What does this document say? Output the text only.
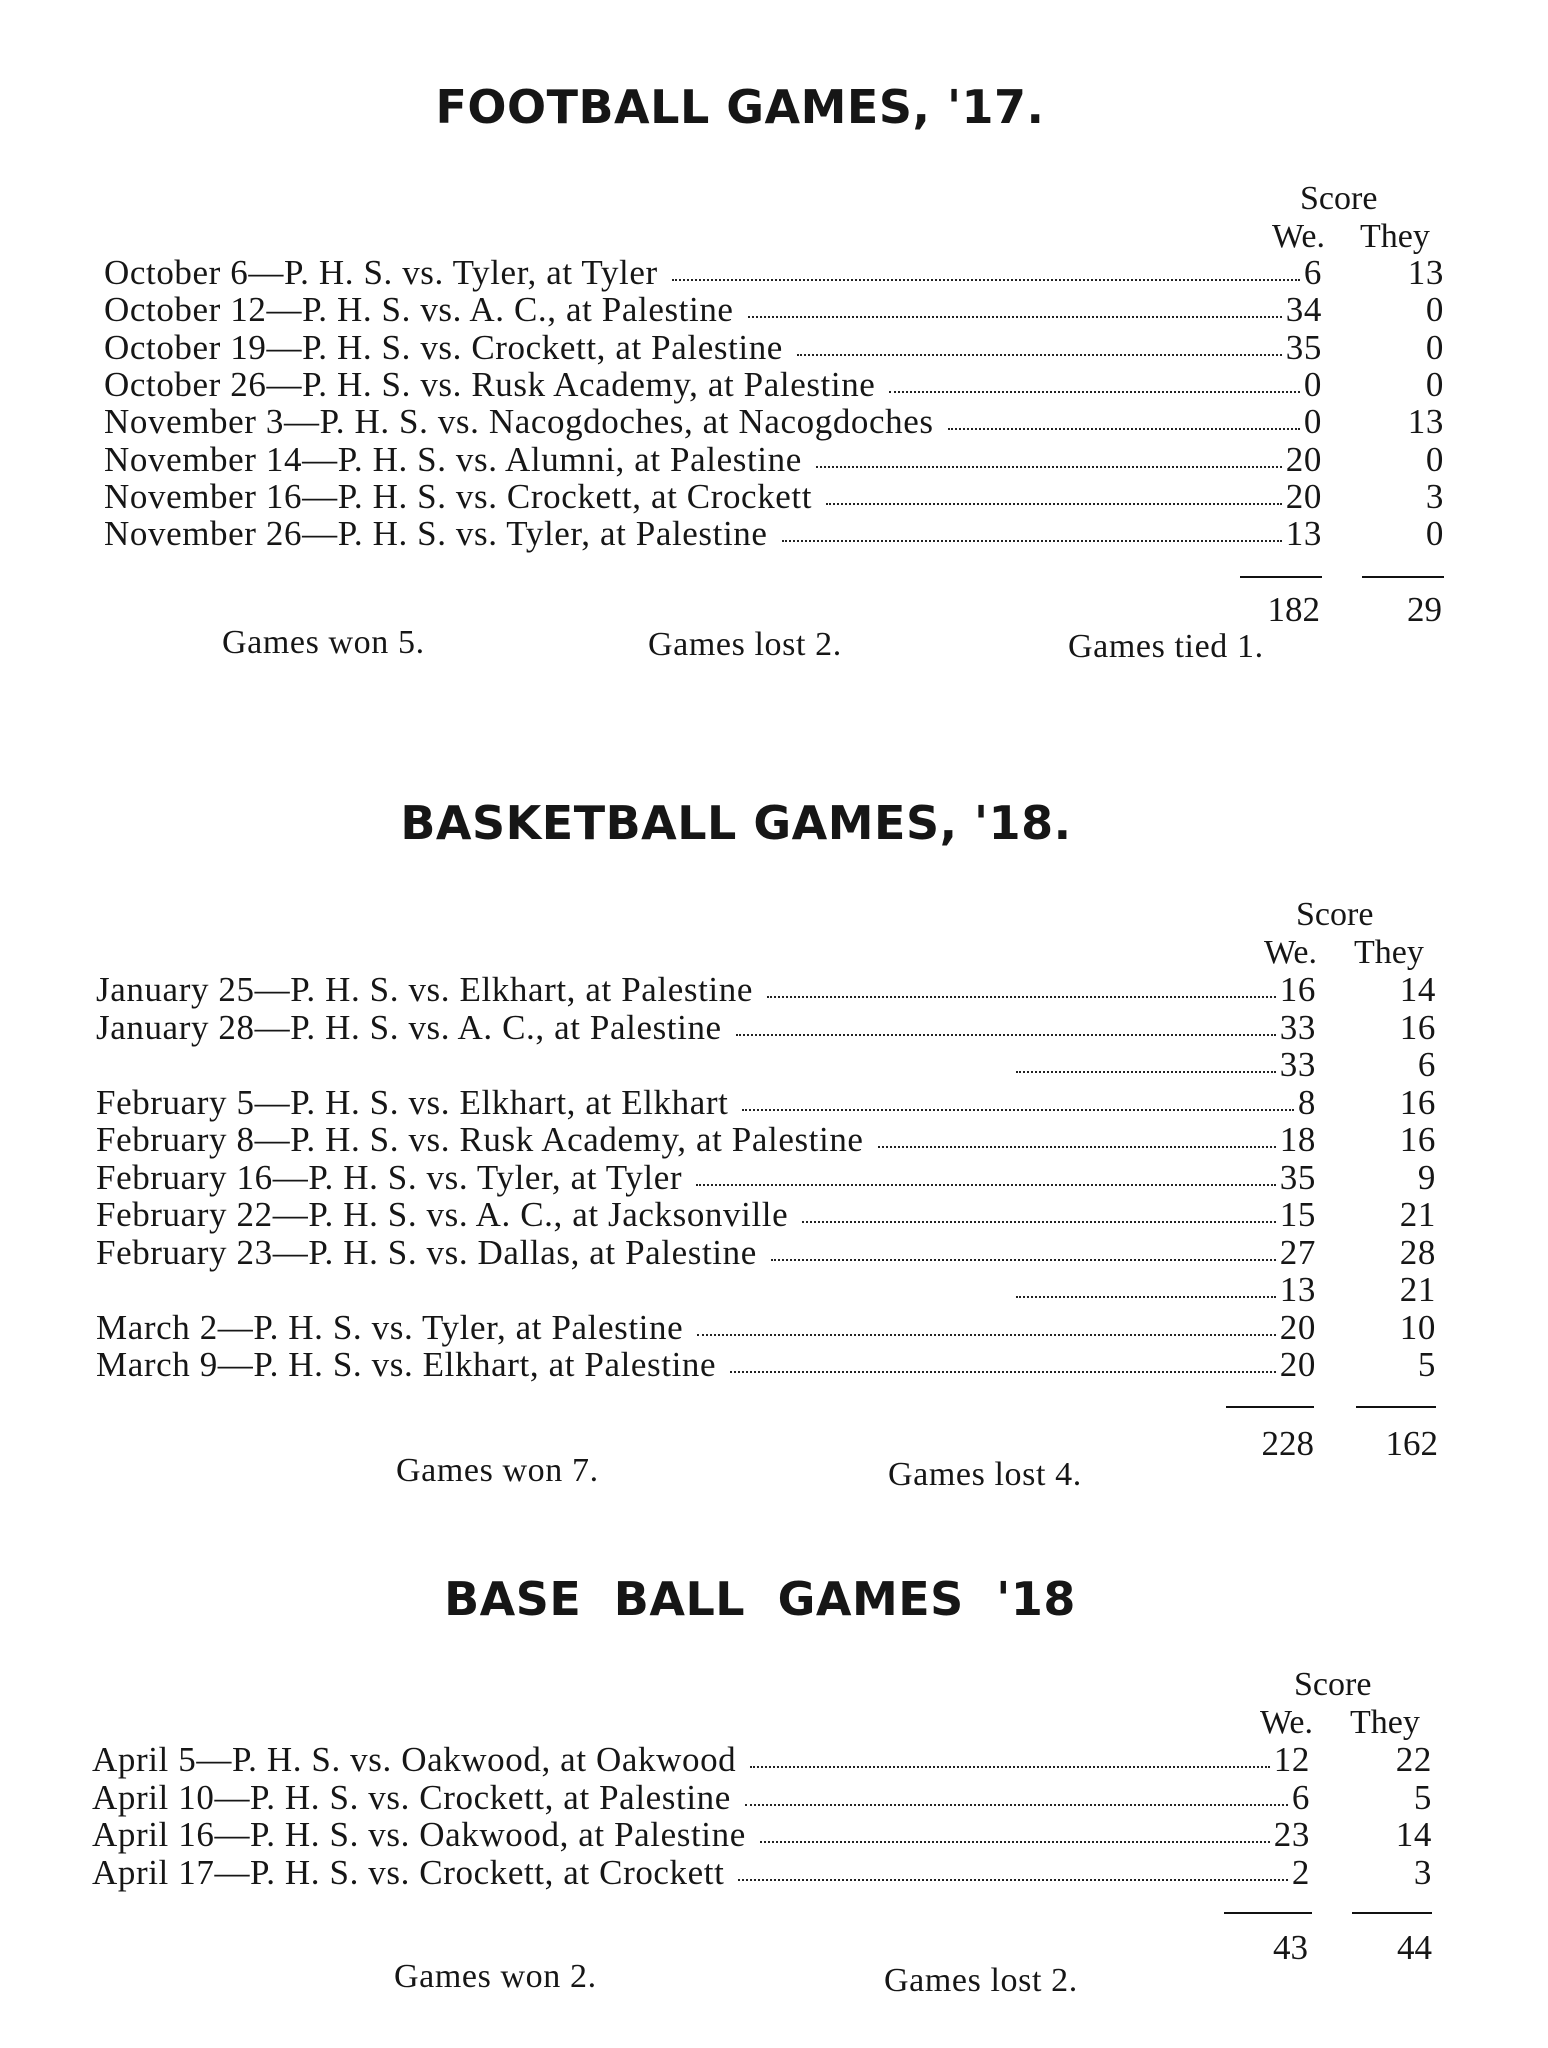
FOOTBALL GAMES, '17.
Score
We. They
October 6—P. H. S. vs. Tyler, at Tyler	6	13
October 12—P. H. S. vs. A. C., at Palestine	34	0
October 19—P. H. S. vs. Crockett, at Palestine	35	0
October 26—P. H. S. vs. Rusk Academy, at Palestine	0	0
November 3—P. H. S. vs. Nacogdoches, at Nacogdoches	0	13
November 14—P. H. S. vs. Alumni, at Palestine	20	0
November 16—P. H. S. vs. Crockett, at Crockett	20	3
November 26—P. H. S. vs. Tyler, at Palestine	13	0
182	29
Games won 5.	Games lost 2.	Games tied 1.
BASKETBALL GAMES, '18.
Score
We. They
January 25—P. H. S. vs. Elkhart, at Palestine	16	14
January 28—P. H. S. vs. A. C., at Palestine	33	16
33	6
February 5—P. H. S. vs. Elkhart, at Elkhart	8	16
February 8—P. H. S. vs. Rusk Academy, at Palestine	18	16
February 16—P. H. S. vs. Tyler, at Tyler	35	9
February 22—P. H. S. vs. A. C., at Jacksonville	15	21
February 23—P. H. S. vs. Dallas, at Palestine	27	28
13	21
March 2—P. H. S. vs. Tyler, at Palestine	20	10
March 9—P. H. S. vs. Elkhart, at Palestine	20	5
228	162
Games won 7.	Games lost 4.
BASE BALL GAMES '18
Score
We. They
April 5—P. H. S. vs. Oakwood, at Oakwood	12	22
April 10—P. H. S. vs. Crockett, at Palestine	6	5
April 16—P. H. S. vs. Oakwood, at Palestine	23	14
April 17—P. H. S. vs. Crockett, at Crockett	2	3
43	44
Games won 2.	Games lost 2.
